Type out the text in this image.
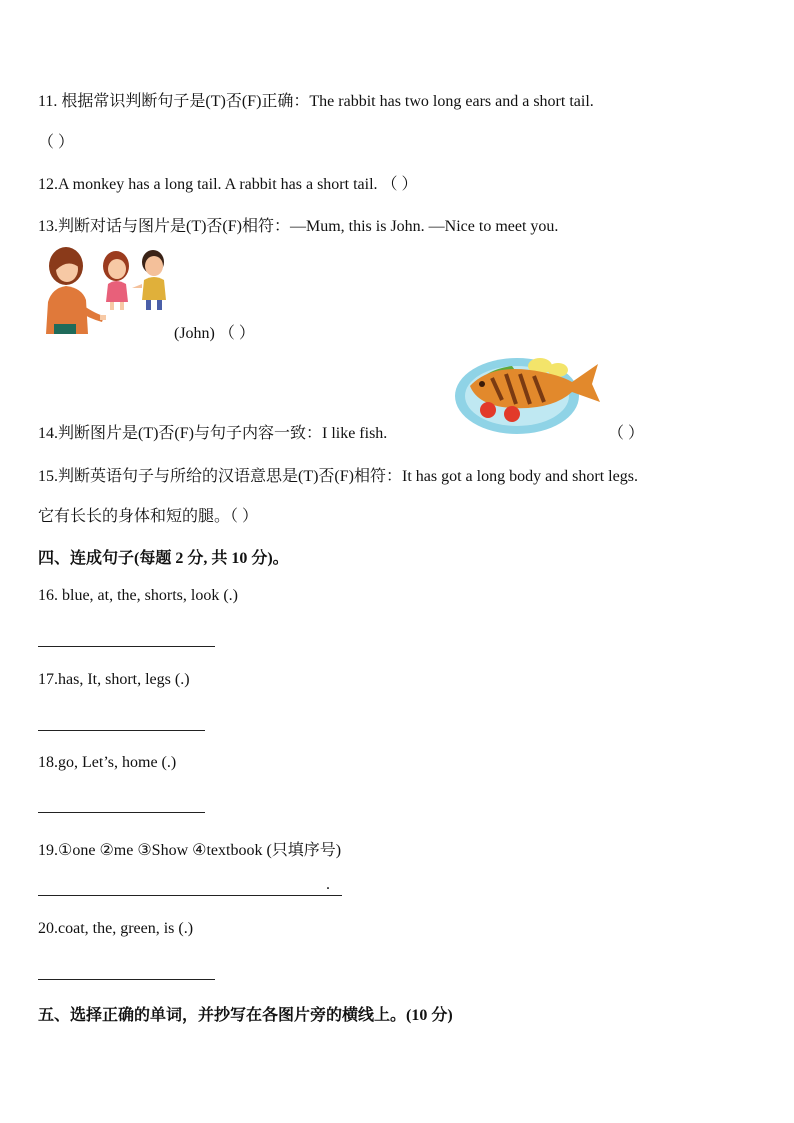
11. 根据常识判断句子是(T)否(F)正确：The rabbit has two long ears and a short tail.
（ ）
12.A monkey has a long tail. A rabbit has a short tail. （ ）
13.判断对话与图片是(T)否(F)相符：—Mum, this is John. —Nice to meet you.
(John) （ ）
14.判断图片是(T)否(F)与句子内容一致：I like fish.	（ ）
15.判断英语句子与所给的汉语意思是(T)否(F)相符：It has got a long body and short legs.
它有长长的身体和短的腿。（ ）
四、连成句子(每题 2 分, 共 10 分)。
16. blue, at, the, shorts, look (.)
17.has, It, short, legs (.)
18.go, Let’s, home (.)
19.①one ②me ③Show ④textbook (只填序号)
.
20.coat, the, green, is (.)
五、选择正确的单词，并抄写在各图片旁的横线上。(10 分)
